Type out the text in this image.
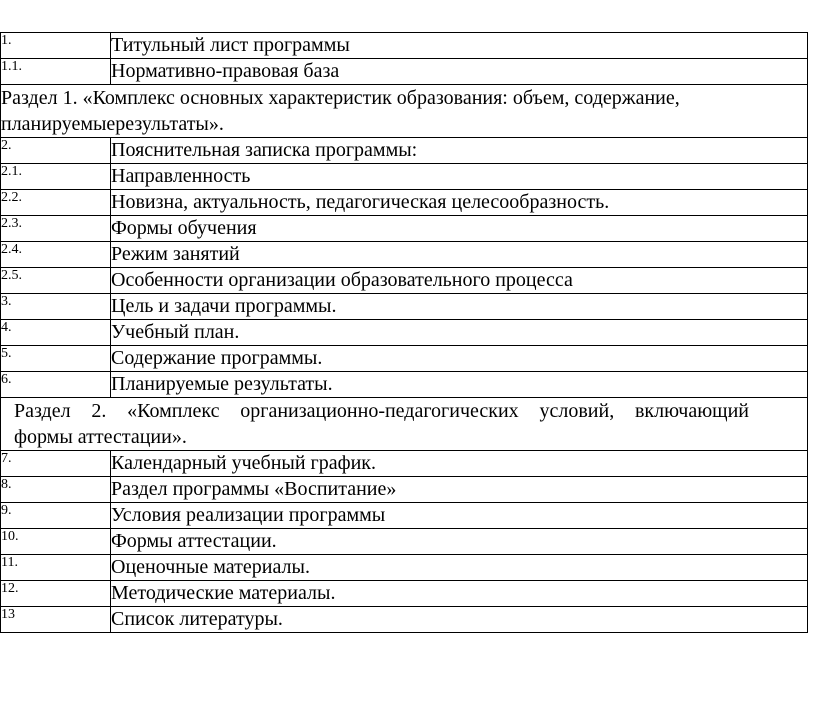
1.	Титульный лист программы
1.1.	Нормативно-правовая база
Раздел 1. «Комплекс основных характеристик образования: объем, содержание,
планируемыерезультаты».	
2.	Пояснительная записка программы:
2.1.	Направленность
2.2.	Новизна, актуальность, педагогическая целесообразность.
2.3.	Формы обучения
2.4.	Режим занятий
2.5.	Особенности организации образовательного процесса
3.	Цель и задачи программы.
4.	Учебный план.
5.	Содержание программы.
6.	Планируемые результаты.

Раздел 2. «Комплекс организационно-педагогических условий, включающий
формы аттестации».	

7.	Календарный учебный график.
8.	Раздел программы «Воспитание»
9.	Условия реализации программы
10.	Формы аттестации.
11.	Оценочные материалы.
12.	Методические материалы.
13	Список литературы.
